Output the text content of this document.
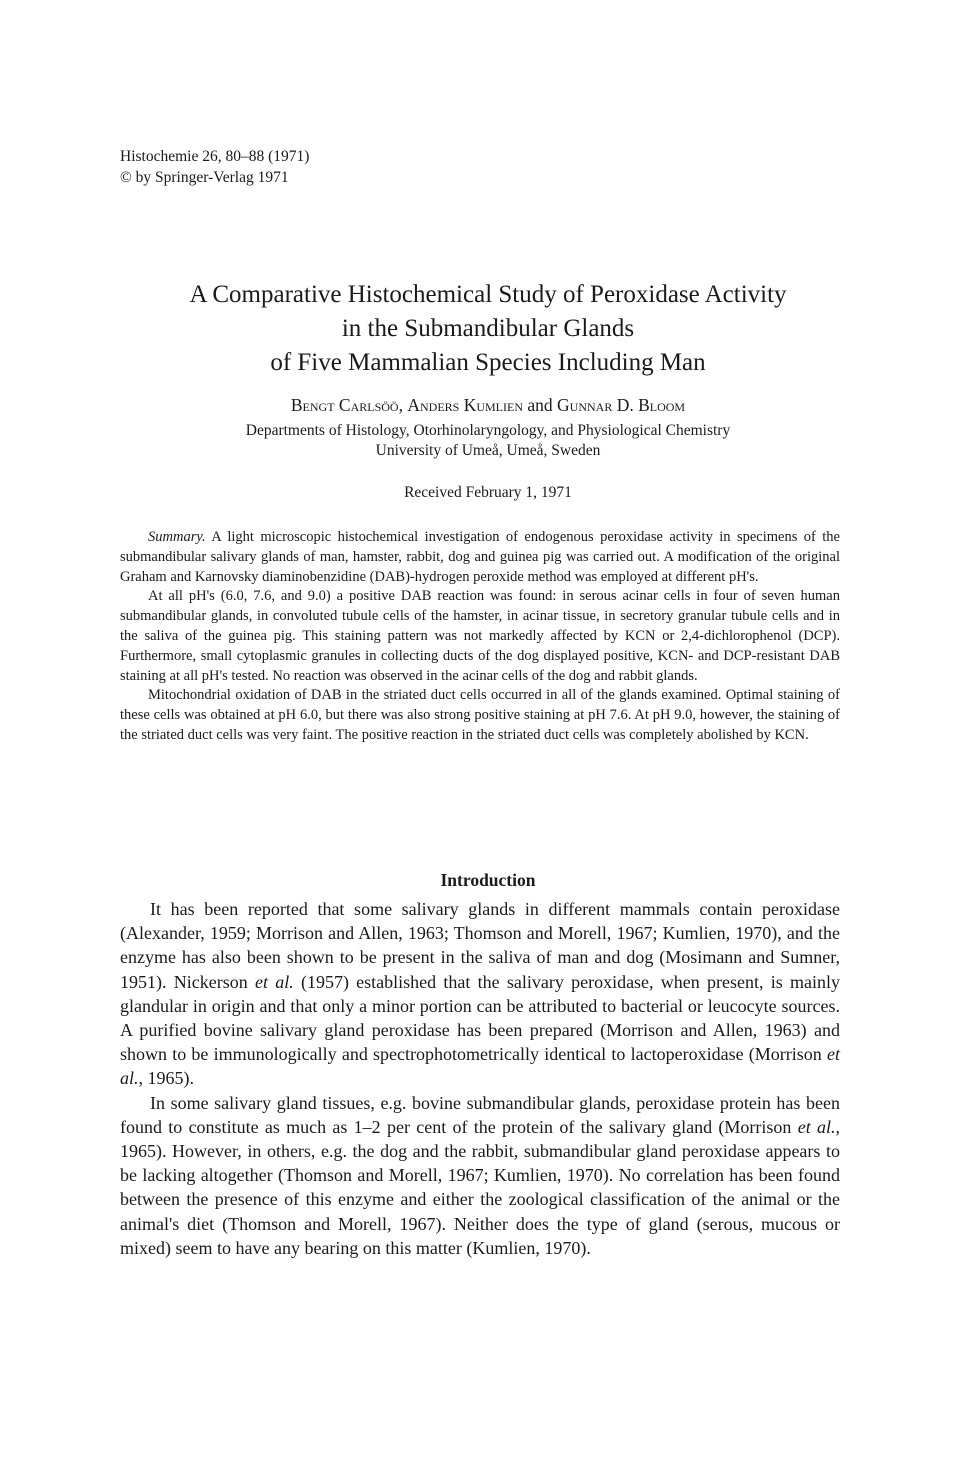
Histochemie 26, 80–88 (1971)
© by Springer-Verlag 1971
A Comparative Histochemical Study of Peroxidase Activity
in the Submandibular Glands
of Five Mammalian Species Including Man
Bengt Carlsöö, Anders Kumlien and Gunnar D. Bloom
Departments of Histology, Otorhinolaryngology, and Physiological Chemistry
University of Umeå, Umeå, Sweden
Received February 1, 1971

Summary. A light microscopic histochemical investigation of endogenous peroxidase activity in specimens of the submandibular salivary glands of man, hamster, rabbit, dog and guinea pig was carried out. A modification of the original Graham and Karnovsky diaminobenzidine (DAB)-hydrogen peroxide method was employed at different pH's.

At all pH's (6.0, 7.6, and 9.0) a positive DAB reaction was found: in serous acinar cells in four of seven human submandibular glands, in convoluted tubule cells of the hamster, in acinar tissue, in secretory granular tubule cells and in the saliva of the guinea pig. This staining pattern was not markedly affected by KCN or 2,4-dichlorophenol (DCP). Furthermore, small cytoplasmic granules in collecting ducts of the dog displayed positive, KCN- and DCP-resistant DAB staining at all pH's tested. No reaction was observed in the acinar cells of the dog and rabbit glands.

Mitochondrial oxidation of DAB in the striated duct cells occurred in all of the glands examined. Optimal staining of these cells was obtained at pH 6.0, but there was also strong positive staining at pH 7.6. At pH 9.0, however, the staining of the striated duct cells was very faint. The positive reaction in the striated duct cells was completely abolished by KCN.

Introduction

It has been reported that some salivary glands in different mammals contain peroxidase (Alexander, 1959; Morrison and Allen, 1963; Thomson and Morell, 1967; Kumlien, 1970), and the enzyme has also been shown to be present in the saliva of man and dog (Mosimann and Sumner, 1951). Nickerson et al. (1957) established that the salivary peroxidase, when present, is mainly glandular in origin and that only a minor portion can be attributed to bacterial or leucocyte sources. A purified bovine salivary gland peroxidase has been prepared (Morrison and Allen, 1963) and shown to be immunologically and spectrophotometrically identical to lactoperoxidase (Morrison et al., 1965).

In some salivary gland tissues, e.g. bovine submandibular glands, peroxidase protein has been found to constitute as much as 1–2 per cent of the protein of the salivary gland (Morrison et al., 1965). However, in others, e.g. the dog and the rabbit, submandibular gland peroxidase appears to be lacking altogether (Thomson and Morell, 1967; Kumlien, 1970). No correlation has been found between the presence of this enzyme and either the zoological classification of the animal or the animal's diet (Thomson and Morell, 1967). Neither does the type of gland (serous, mucous or mixed) seem to have any bearing on this matter (Kumlien, 1970).
